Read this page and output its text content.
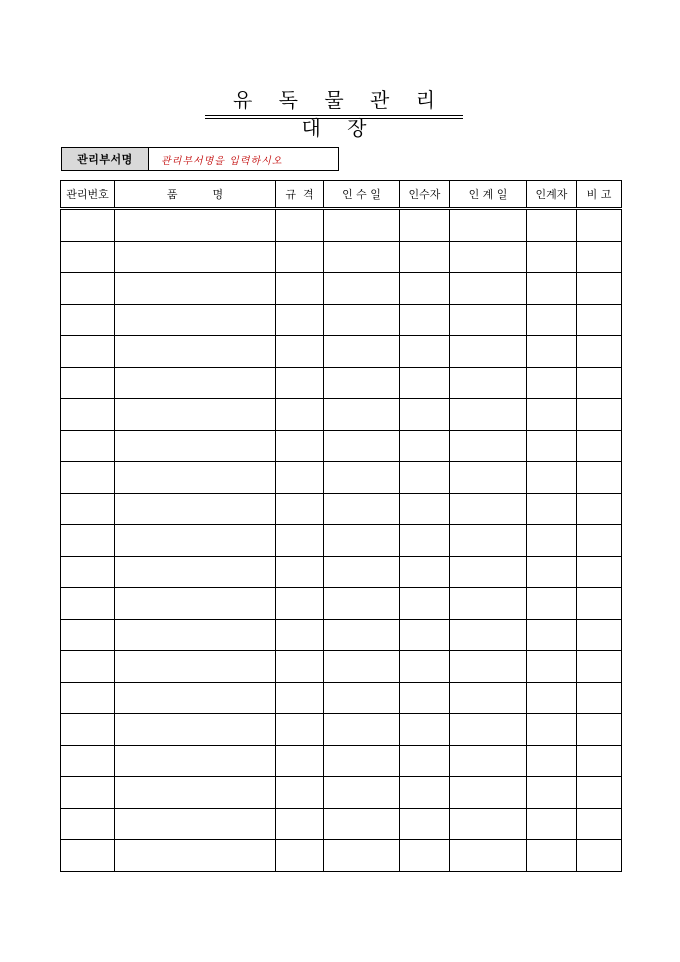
유 독 물 관 리 대 장
관리부서명	관리부서명을 입력하시오
관리번호	품          명	규  격	인 수 일	인수자	인 계 일	인계자	비 고
